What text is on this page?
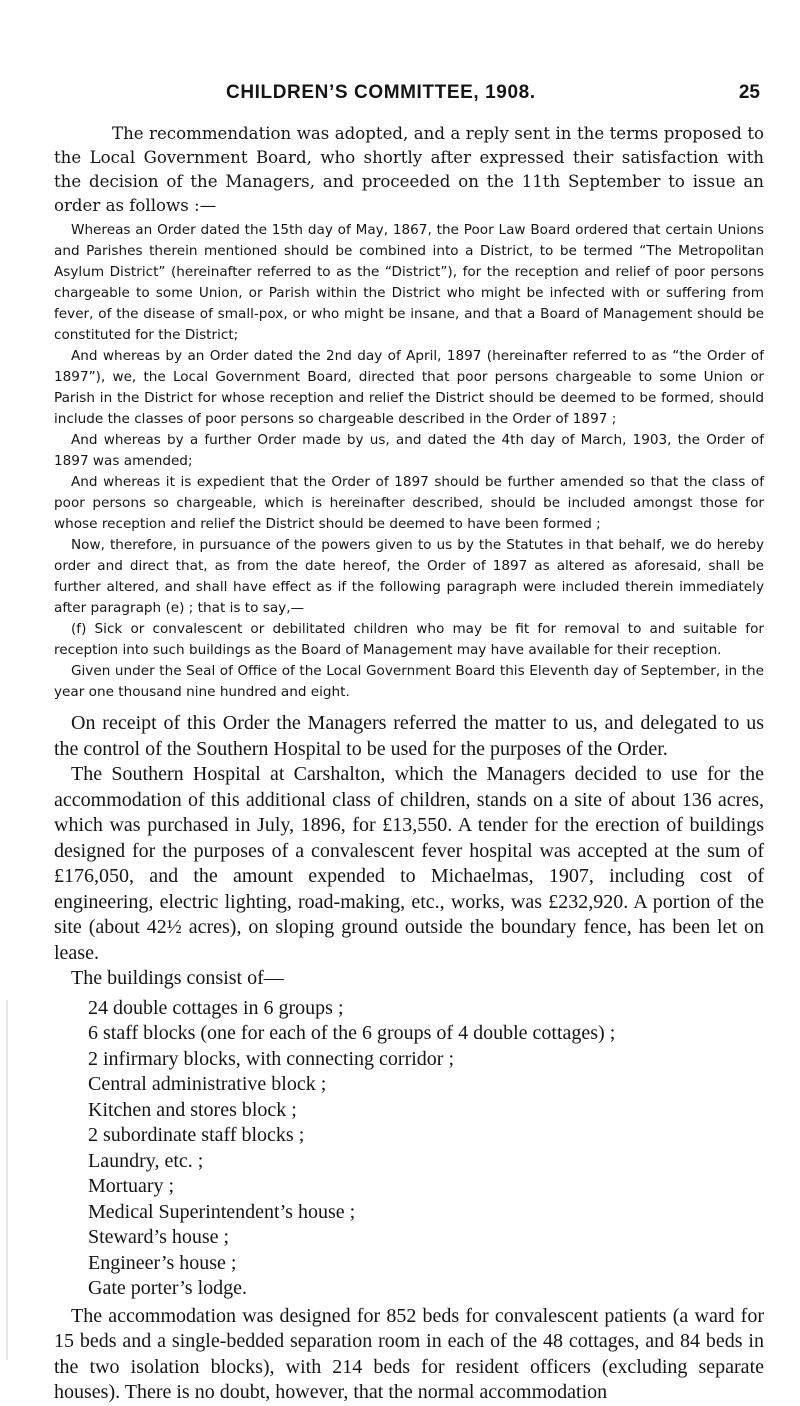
CHILDREN’S COMMITTEE, 1908.	25

The recommendation was adopted, and a reply sent in the terms proposed to the Local Government Board, who shortly after expressed their satisfaction with the decision of the Managers, and proceeded on the 11th September to issue an order as follows :—

Whereas an Order dated the 15th day of May, 1867, the Poor Law Board ordered that certain Unions and Parishes therein mentioned should be combined into a District, to be termed “The Metropolitan Asylum District” (hereinafter referred to as the “District”), for the reception and relief of poor persons chargeable to some Union, or Parish within the District who might be infected with or suffering from fever, of the disease of small-pox, or who might be insane, and that a Board of Management should be constituted for the District;

And whereas by an Order dated the 2nd day of April, 1897 (hereinafter referred to as “the Order of 1897”), we, the Local Government Board, directed that poor persons chargeable to some Union or Parish in the District for whose reception and relief the District should be deemed to be formed, should include the classes of poor persons so chargeable described in the Order of 1897 ;

And whereas by a further Order made by us, and dated the 4th day of March, 1903, the Order of 1897 was amended;

And whereas it is expedient that the Order of 1897 should be further amended so that the class of poor persons so chargeable, which is hereinafter described, should be included amongst those for whose reception and relief the District should be deemed to have been formed ;

Now, therefore, in pursuance of the powers given to us by the Statutes in that behalf, we do hereby order and direct that, as from the date hereof, the Order of 1897 as altered as aforesaid, shall be further altered, and shall have effect as if the following paragraph were included therein immediately after paragraph (e) ; that is to say,—

(f) Sick or convalescent or debilitated children who may be fit for removal to and suitable for reception into such buildings as the Board of Management may have available for their reception.

Given under the Seal of Office of the Local Government Board this Eleventh day of September, in the year one thousand nine hundred and eight.

On receipt of this Order the Managers referred the matter to us, and delegated to us the control of the Southern Hospital to be used for the purposes of the Order.

The Southern Hospital at Carshalton, which the Managers decided to use for the accommodation of this additional class of children, stands on a site of about 136 acres, which was purchased in July, 1896, for £13,550. A tender for the erection of buildings designed for the purposes of a convalescent fever hospital was accepted at the sum of £176,050, and the amount expended to Michaelmas, 1907, including cost of engineering, electric lighting, road-making, etc., works, was £232,920. A portion of the site (about 42½ acres), on sloping ground outside the boundary fence, has been let on lease.

The buildings consist of—

24 double cottages in 6 groups ;
6 staff blocks (one for each of the 6 groups of 4 double cottages) ;
2 infirmary blocks, with connecting corridor ;
Central administrative block ;
Kitchen and stores block ;
2 subordinate staff blocks ;
Laundry, etc. ;
Mortuary ;
Medical Superintendent’s house ;
Steward’s house ;
Engineer’s house ;
Gate porter’s lodge.

The accommodation was designed for 852 beds for convalescent patients (a ward for 15 beds and a single-bedded separation room in each of the 48 cottages, and 84 beds in the two isolation blocks), with 214 beds for resident officers (excluding separate houses). There is no doubt, however, that the normal accommodation
